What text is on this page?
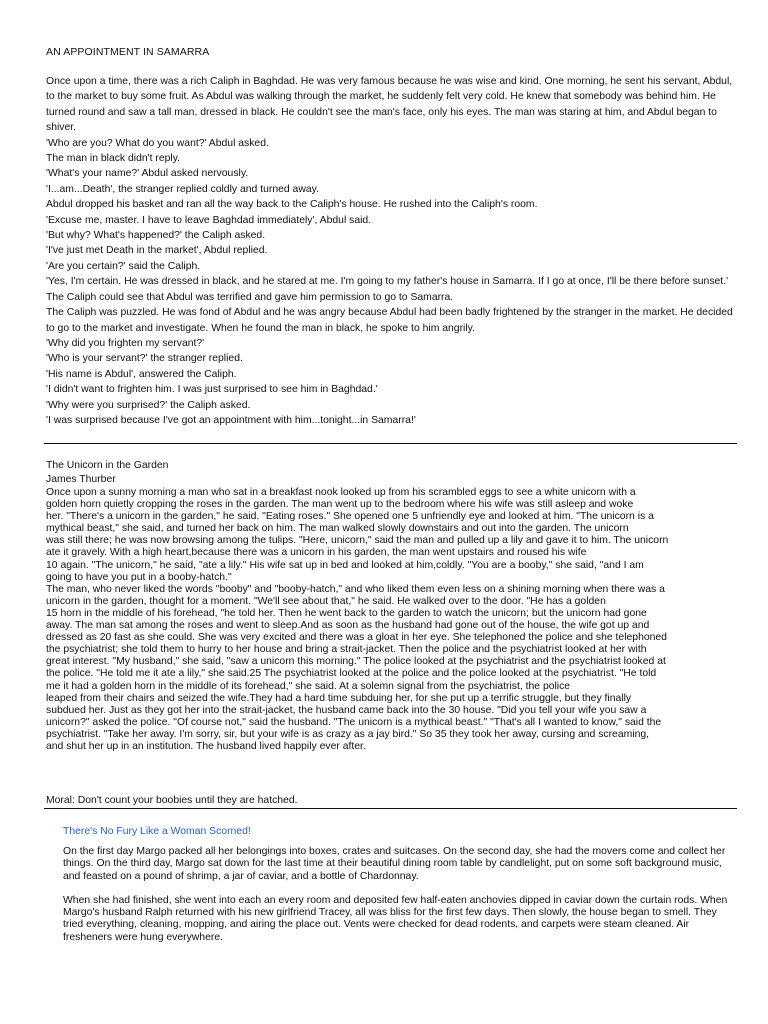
AN APPOINTMENT IN SAMARRA

Once upon a time, there was a rich Caliph in Baghdad. He was very famous because he was wise and kind. One morning, he sent his servant, Abdul, to the market to buy some fruit. As Abdul was walking through the market, he suddenly felt very cold. He knew that somebody was behind him. He turned round and saw a tall man, dressed in black. He couldn't see the man's face, only his eyes. The man was staring at him, and Abdul began to shiver.

'Who are you? What do you want?' Abdul asked.

The man in black didn't reply.

'What's your name?' Abdul asked nervously.

'I...am...Death', the stranger replied coldly and turned away.

Abdul dropped his basket and ran all the way back to the Caliph's house. He rushed into the Caliph's room.

'Excuse me, master. I have to leave Baghdad immediately', Abdul said.

'But why? What's happened?' the Caliph asked.

'I've just met Death in the market', Abdul replied.

'Are you certain?' said the Caliph.

'Yes, I'm certain. He was dressed in black, and he stared at me. I'm going to my father's house in Samarra. If I go at once, I'll be there before sunset.'

The Caliph could see that Abdul was terrified and gave him permission to go to Samarra.

The Caliph was puzzled. He was fond of Abdul and he was angry because Abdul had been badly frightened by the stranger in the market. He decided to go to the market and investigate. When he found the man in black, he spoke to him angrily.

'Why did you frighten my servant?'

'Who is your servant?' the stranger replied.

'His name is Abdul', answered the Caliph.

'I didn't want to frighten him. I was just surprised to see him in Baghdad.'

'Why were you surprised?' the Caliph asked.

'I was surprised because I've got an appointment with him...tonight...in Samarra!'

The Unicorn in the Garden
James Thurber

Once upon a sunny morning a man who sat in a breakfast nook looked up from his scrambled eggs to see a white unicorn with a

golden horn quietly cropping the roses in the garden. The man went up to the bedroom where his wife was still asleep and woke

her. "There's a unicorn in the garden," he said. "Eating roses." She opened one 5 unfriendly eye and looked at him. "The unicorn is a

mythical beast," she said, and turned her back on him. The man walked slowly downstairs and out into the garden. The unicorn

was still there; he was now browsing among the tulips. "Here, unicorn," said the man and pulled up a lily and gave it to him. The unicorn

ate it gravely. With a high heart,because there was a unicorn in his garden, the man went upstairs and roused his wife

10 again. "The unicorn," he said, "ate a lily." His wife sat up in bed and looked at him,coldly. "You are a booby," she said, "and I am

going to have you put in a booby-hatch."

The man, who never liked the words "booby" and "booby-hatch," and who liked them even less on a shining morning when there was a

unicorn in the garden, thought for a moment. "We'll see about that," he said. He walked over to the door. "He has a golden

15 horn in the middle of his forehead, "he told her. Then he went back to the garden to watch the unicorn; but the unicorn had gone

away. The man sat among the roses and went to sleep.And as soon as the husband had gone out of the house, the wife got up and

dressed as 20 fast as she could. She was very excited and there was a gloat in her eye. She telephoned the police and she telephoned

the psychiatrist; she told them to hurry to her house and bring a strait-jacket. Then the police and the psychiatrist looked at her with

great interest. "My husband," she said, "saw a unicorn this morning." The police looked at the psychiatrist and the psychiatrist looked at

the police. "He told me it ate a lily," she said.25 The psychiatrist looked at the police and the police looked at the psychiatrist. "He told

me it had a golden horn in the middle of its forehead," she said. At a solemn signal from the psychiatrist, the police

leaped from their chairs and seized the wife.They had a hard time subduing her, for she put up a terrific struggle, but they finally

subdued her. Just as they got her into the strait-jacket, the husband came back into the 30 house. "Did you tell your wife you saw a

unicorn?" asked the police. "Of course not," said the husband. "The unicorn is a mythical beast." "That's all I wanted to know," said the

psychiatrist. "Take her away. I'm sorry, sir, but your wife is as crazy as a jay bird." So 35 they took her away, cursing and screaming,

and shut her up in an institution. The husband lived happily ever after.

Moral: Don't count your boobies until they are hatched.
There's No Fury Like a Woman Scorned!

On the first day Margo packed all her belongings into boxes, crates and suitcases. On the second day, she had the movers come and collect her things. On the third day, Margo sat down for the last time at their beautiful dining room table by candlelight, put on some soft background music, and feasted on a pound of shrimp, a jar of caviar, and a bottle of Chardonnay.

When she had finished, she went into each an every room and deposited few half-eaten anchovies dipped in caviar down the curtain rods. When Margo's husband Ralph returned with his new girlfriend Tracey, all was bliss for the first few days. Then slowly, the house began to smell. They tried everything, cleaning, mopping, and airing the place out. Vents were checked for dead rodents, and carpets were steam cleaned. Air fresheners were hung everywhere.
